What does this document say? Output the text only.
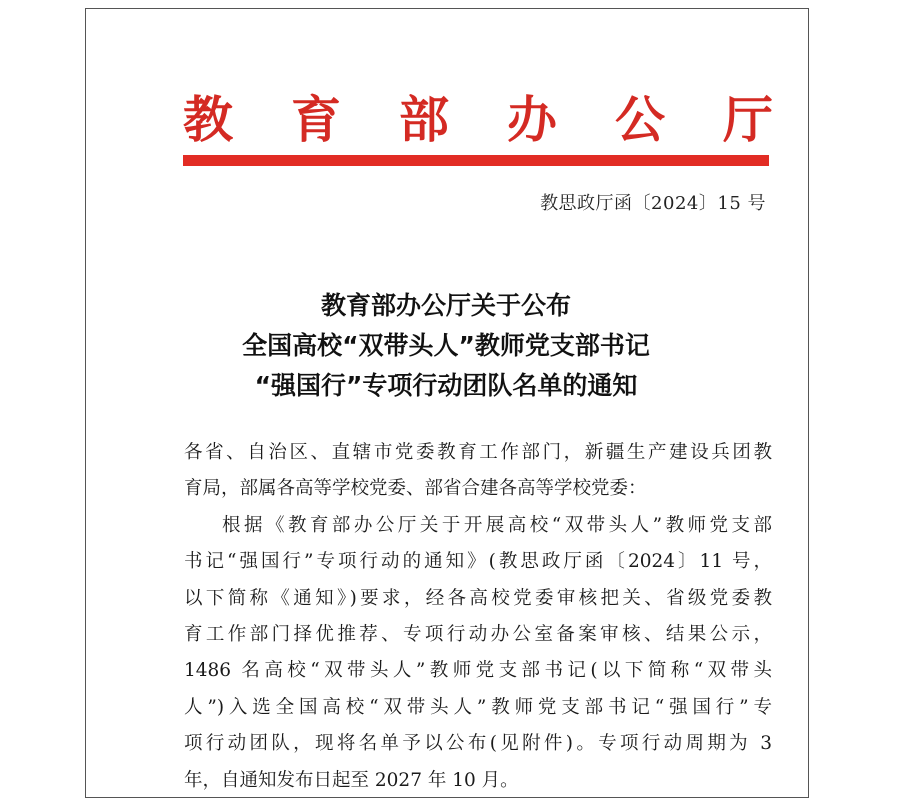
教 育 部 办 公 厅
教思政厅函〔2024〕15 号
教育部办公厅关于公布
全国高校“双带头人”教师党支部书记
“强国行”专项行动团队名单的通知
各省、自治区、直辖市党委教育工作部门，新疆生产建设兵团教
育局，部属各高等学校党委、部省合建各高等学校党委：
根据《教育部办公厅关于开展高校“双带头人”教师党支部
书记“强国行”专项行动的通知》(教思政厅函〔2024〕11 号，
以下简称《通知》)要求，经各高校党委审核把关、省级党委教
育工作部门择优推荐、专项行动办公室备案审核、结果公示，
1486 名高校“双带头人”教师党支部书记(以下简称“双带头
人”)入选全国高校“双带头人”教师党支部书记“强国行”专
项行动团队，现将名单予以公布(见附件)。专项行动周期为 3
年，自通知发布日起至 2027 年 10 月。
